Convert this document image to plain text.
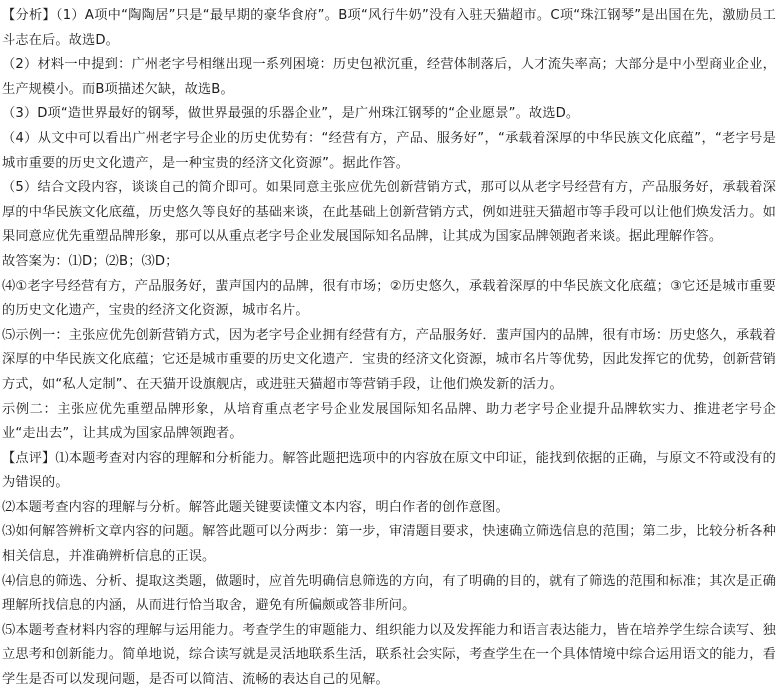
【分析】（1）A项中“陶陶居”只是“最早期的豪华食府”。B项“风行牛奶”没有入驻天猫超市。C项“珠江钢琴”是出国在先，激励员工斗志在后。故选D。

（2）材料一中提到：广州老字号相继出现一系列困境：历史包袱沉重，经营体制落后，人才流失率高；大部分是中小型商业企业，生产规模小。而B项描述欠缺，故选B。

（3）D项“造世界最好的钢琴，做世界最强的乐器企业”，是广州珠江钢琴的“企业愿景”。故选D。

（4）从文中可以看出广州老字号企业的历史优势有：“经营有方，产品、服务好”，“承载着深厚的中华民族文化底蕴”，“老字号是城市重要的历史文化遗产，是一种宝贵的经济文化资源”。据此作答。

（5）结合文段内容，谈谈自己的简介即可。如果同意主张应优先创新营销方式，那可以从老字号经营有方，产品服务好，承载着深厚的中华民族文化底蕴，历史悠久等良好的基础来谈，在此基础上创新营销方式，例如进驻天猫超市等手段可以让他们焕发活力。如果同意应优先重塑品牌形象，那可以从重点老字号企业发展国际知名品牌，让其成为国家品牌领跑者来谈。据此理解作答。

故答案为：⑴D；⑵B；⑶D；

⑷①老字号经营有方，产品服务好，蜚声国内的品牌，很有市场；②历史悠久，承载着深厚的中华民族文化底蕴；③它还是城市重要的历史文化遗产，宝贵的经济文化资源，城市名片。

⑸示例一：主张应优先创新营销方式，因为老字号企业拥有经营有方，产品服务好．蜚声国内的品牌，很有市场：历史悠久，承载着深厚的中华民族文化底蕴；它还是城市重要的历史文化遗产．宝贵的经济文化资源，城市名片等优势，因此发挥它的优势，创新营销方式，如“私人定制”、在天猫开设旗舰店，或进驻天猫超市等营销手段，让他们焕发新的活力。

示例二：主张应优先重塑品牌形象，从培育重点老字号企业发展国际知名品牌、助力老字号企业提升品牌软实力、推进老字号企业“走出去”，让其成为国家品牌领跑者。

【点评】⑴本题考查对内容的理解和分析能力。解答此题把选项中的内容放在原文中印证，能找到依据的正确，与原文不符或没有的为错误的。

⑵本题考查内容的理解与分析。解答此题关键要读懂文本内容，明白作者的创作意图。

⑶如何解答辨析文章内容的问题。解答此题可以分两步：第一步，审清题目要求，快速确立筛选信息的范围；第二步，比较分析各种相关信息，并准确辨析信息的正误。

⑷信息的筛选、分析、提取这类题，做题时，应首先明确信息筛选的方向，有了明确的目的，就有了筛选的范围和标准；其次是正确理解所找信息的内涵，从而进行恰当取舍，避免有所偏颇或答非所问。

⑸本题考查材料内容的理解与运用能力。考查学生的审题能力、组织能力以及发挥能力和语言表达能力，皆在培养学生综合读写、独立思考和创新能力。简单地说，综合读写就是灵活地联系生活，联系社会实际，考查学生在一个具体情境中综合运用语文的能力，看学生是否可以发现问题，是否可以简洁、流畅的表达自己的见解。
